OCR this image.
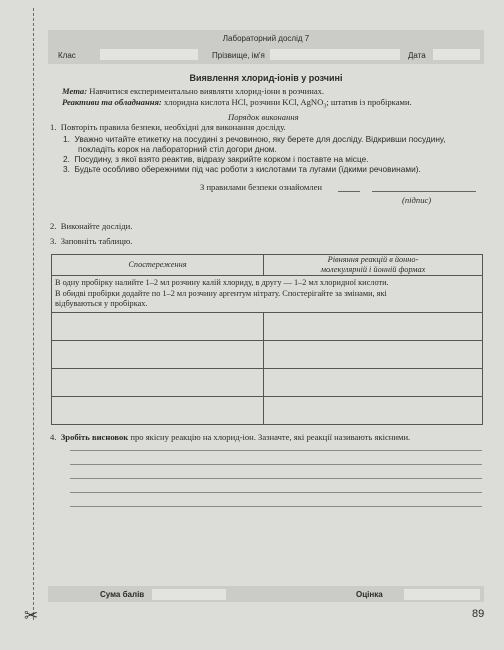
✂
Лабораторний дослід 7
Клас	Прізвище, ім'я	Дата
Виявлення хлорид-іонів у розчині
Мета: Навчитися експериментально виявляти хлорид-іони в розчинах.
Реактиви та обладнання: хлоридна кислота HCl, розчини KCl, AgNO$_3$; штатив із пробірками.
Порядок виконання
1. Повторіть правила безпеки, необхідні для виконання досліду.
1. Уважно читайте етикетку на посудині з речовиною, яку берете для досліду. Відкривши посудину,
покладіть корок на лабораторний стіл догори дном.
2. Посудину, з якої взято реактив, відразу закрийте корком і поставте на місце.
3. Будьте особливо обережними під час роботи з кислотами та лугами (їдкими речовинами).
З правилами безпеки ознайомлен
(підпис)
2. Виконайте досліди.
3. Заповніть таблицю.
Спостереження	Рівняння реакцій в йонно-
молекулярній і йонній формах
В одну пробірку налийте 1–2 мл розчину калій хлориду, в другу — 1–2 мл хлоридної кислоти.
В обидві пробірки додайте по 1–2 мл розчину аргентум нітрату. Спостерігайте за змінами, які
відбуваються у пробірках.	

4. Зробіть висновок про якісну реакцію на хлорид-іон. Зазначте, які реакції називають якісними.
Сума балів	Оцінка
89
